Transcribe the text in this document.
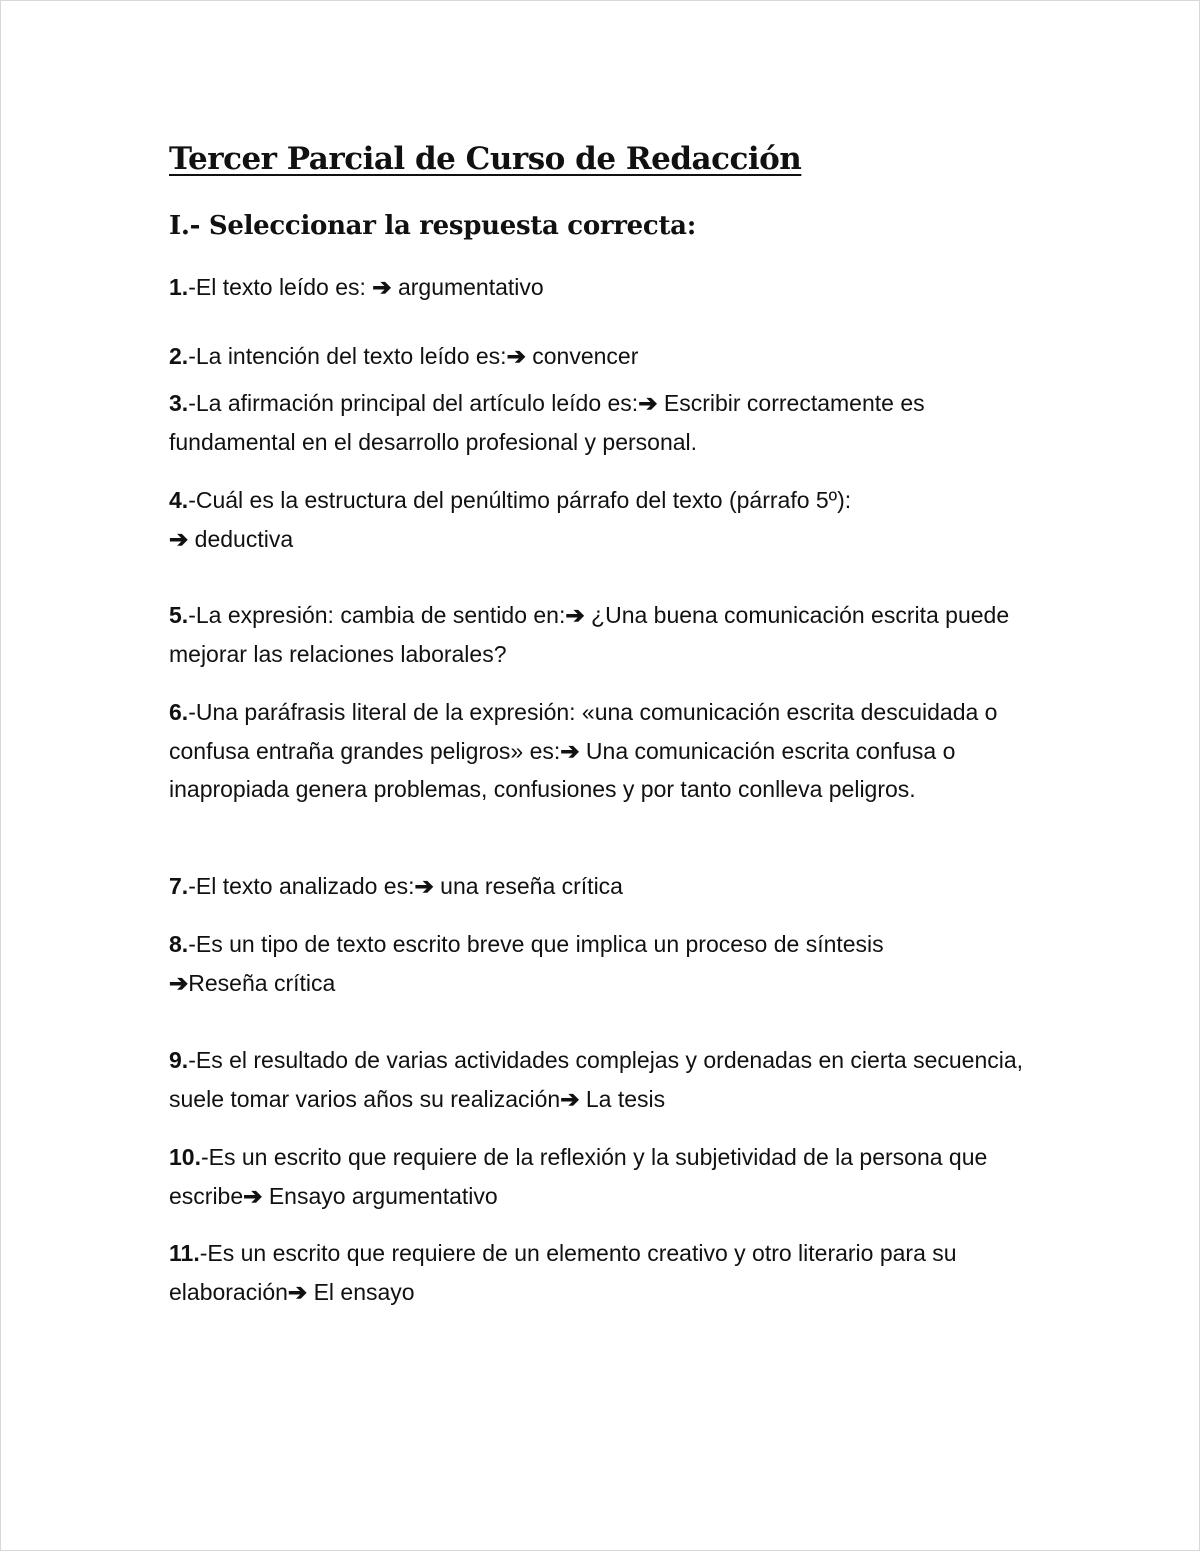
Tercer Parcial de Curso de Redacción
I.- Seleccionar la respuesta correcta:

1.-El texto leído es: ➔ argumentativo

2.-La intención del texto leído es:➔ convencer

3.-La afirmación principal del artículo leído es:➔ Escribir correctamente es fundamental en el desarrollo profesional y personal.

4.-Cuál es la estructura del penúltimo párrafo del texto (párrafo 5º):
➔ deductiva

5.-La expresión: cambia de sentido en:➔ ¿Una buena comunicación escrita puede mejorar las relaciones laborales?

6.-Una paráfrasis literal de la expresión: «una comunicación escrita descuidada o confusa entraña grandes peligros» es:➔ Una comunicación escrita confusa o inapropiada genera problemas, confusiones y por tanto conlleva peligros.

7.-El texto analizado es:➔ una reseña crítica

8.-Es un tipo de texto escrito breve que implica un proceso de síntesis
➔Reseña crítica

9.-Es el resultado de varias actividades complejas y ordenadas en cierta secuencia, suele tomar varios años su realización➔ La tesis

10.-Es un escrito que requiere de la reflexión y la subjetividad de la persona que escribe➔ Ensayo argumentativo

11.-Es un escrito que requiere de un elemento creativo y otro literario para su elaboración➔ El ensayo
